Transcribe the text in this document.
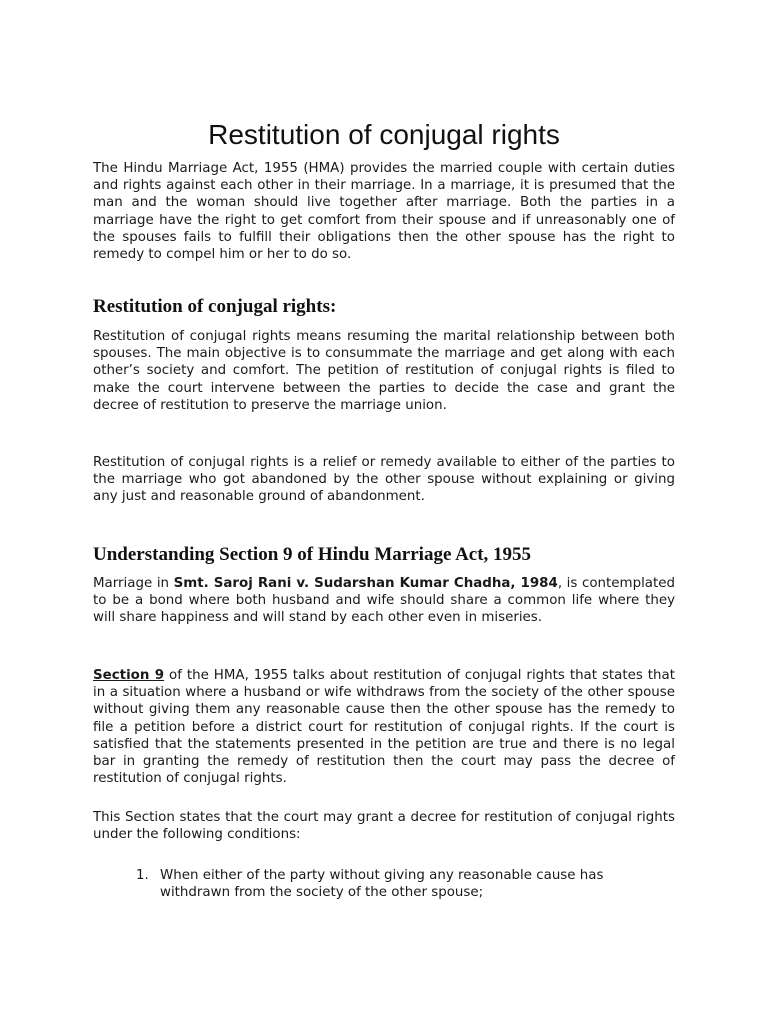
Restitution of conjugal rights

The Hindu Marriage Act, 1955 (HMA) provides the married couple with certain duties and rights against each other in their marriage. In a marriage, it is presumed that the man and the woman should live together after marriage. Both the parties in a marriage have the right to get comfort from their spouse and if unreasonably one of the spouses fails to fulfill their obligations then the other spouse has the right to remedy to compel him or her to do so.

Restitution of conjugal rights:

Restitution of conjugal rights means resuming the marital relationship between both spouses. The main objective is to consummate the marriage and get along with each other’s society and comfort. The petition of restitution of conjugal rights is filed to make the court intervene between the parties to decide the case and grant the decree of restitution to preserve the marriage union.

Restitution of conjugal rights is a relief or remedy available to either of the parties to the marriage who got abandoned by the other spouse without explaining or giving any just and reasonable ground of abandonment.

Understanding Section 9 of Hindu Marriage Act, 1955

Marriage in Smt. Saroj Rani v. Sudarshan Kumar Chadha, 1984, is contemplated to be a bond where both husband and wife should share a common life where they will share happiness and will stand by each other even in miseries.

Section 9 of the HMA, 1955 talks about restitution of conjugal rights that states that in a situation where a husband or wife withdraws from the society of the other spouse without giving them any reasonable cause then the other spouse has the remedy to file a petition before a district court for restitution of conjugal rights. If the court is satisfied that the statements presented in the petition are true and there is no legal bar in granting the remedy of restitution then the court may pass the decree of restitution of conjugal rights.

This Section states that the court may grant a decree for restitution of conjugal rights under the following conditions:

1. When either of the party without giving any reasonable cause has withdrawn from the society of the other spouse;
